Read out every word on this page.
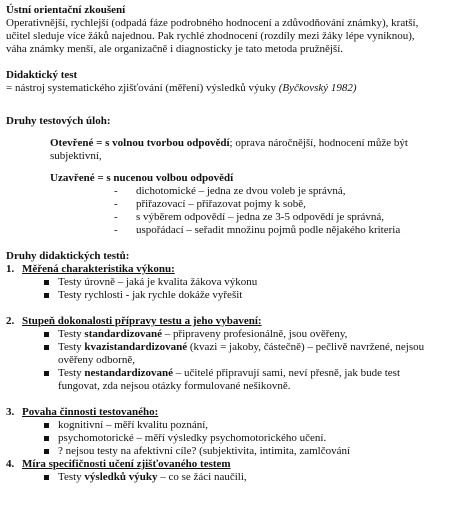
Ústní orientační zkoušení
Operativnější, rychlejší (odpadá fáze podrobného hodnocení a zdůvodňování známky), kratší,
učitel sleduje více žáků najednou. Pak rychlé zhodnocení (rozdíly mezi žáky lépe vyniknou),
váha známky menší, ale organizačně i diagnosticky je tato metoda pružnější.
Didaktický test
= nástroj systematického zjišťování (měření) výsledků výuky (Byčkovský 1982)
Druhy testových úloh:
Otevřené = s volnou tvorbou odpovědí; oprava náročnější, hodnocení může být
subjektivní,
Uzavřené = s nucenou volbou odpovědí
-	dichotomické – jedna ze dvou voleb je správná,
-	přiřazovací – přiřazovat pojmy k sobě,
-	s výběrem odpovědí – jedna ze 3-5 odpovědí je správná,
-	uspořádací – seřadit množinu pojmů podle nějakého kriteria
Druhy didaktických testů:
1. Měřená charakteristika výkonu:
Testy úrovně – jaká je kvalita žákova výkonu
Testy rychlosti - jak rychle dokáže vyřešit
2. Stupeň dokonalosti přípravy testu a jeho vybavení:
Testy standardizované – připraveny profesionálně, jsou ověřeny,
Testy kvazistandardizované (kvazi = jakoby, částečně) – pečlivě navržené, nejsou
ověřeny odborně,
Testy nestandardizované – učitelé připravují sami, neví přesně, jak bude test
fungovat, zda nejsou otázky formulované nešikovně.
3. Povaha činnosti testovaného:
kognitivní – měří kvalitu poznání,
psychomotorické – měří výsledky psychomotorického učení.
? nejsou testy na afektivní cíle? (subjektivita, intimita, zamlčování
4. Míra specifičnosti učení zjišťovaného testem
Testy výsledků výuky – co se žáci naučili,
